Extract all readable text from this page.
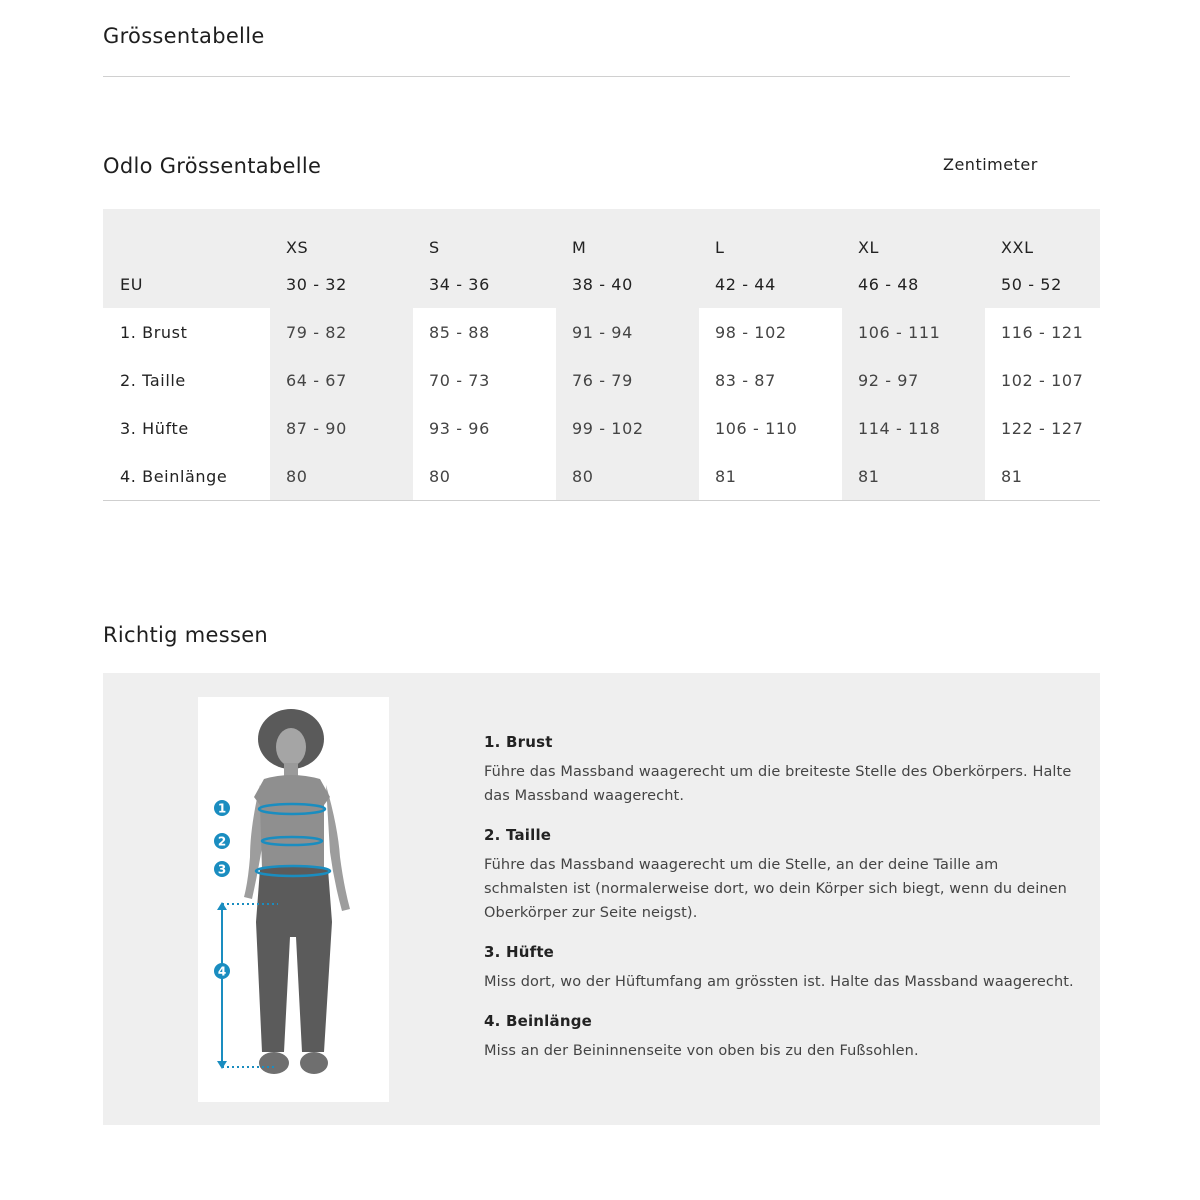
Grössentabelle
Odlo Grössentabelle	Zentimeter
	XS	S	M	L	XL	XXL
EU	30 - 32	34 - 36	38 - 40	42 - 44	46 - 48	50 - 52
1. Brust	79 - 82	85 - 88	91 - 94	98 - 102	106 - 111	116 - 121
2. Taille	64 - 67	70 - 73	76 - 79	83 - 87	92 - 97	102 - 107
3. Hüfte	87 - 90	93 - 96	99 - 102	106 - 110	114 - 118	122 - 127
4. Beinlänge	80	80	80	81	81	81
Richtig messen
1
2
3
4
1. Brust
Führe das Massband waagerecht um die breiteste Stelle des Oberkörpers. Halte das Massband waagerecht.
2. Taille
Führe das Massband waagerecht um die Stelle, an der deine Taille am schmalsten ist (normalerweise dort, wo dein Körper sich biegt, wenn du deinen Oberkörper zur Seite neigst).
3. Hüfte
Miss dort, wo der Hüftumfang am grössten ist. Halte das Massband waagerecht.
4. Beinlänge
Miss an der Beininnenseite von oben bis zu den Fußsohlen.
